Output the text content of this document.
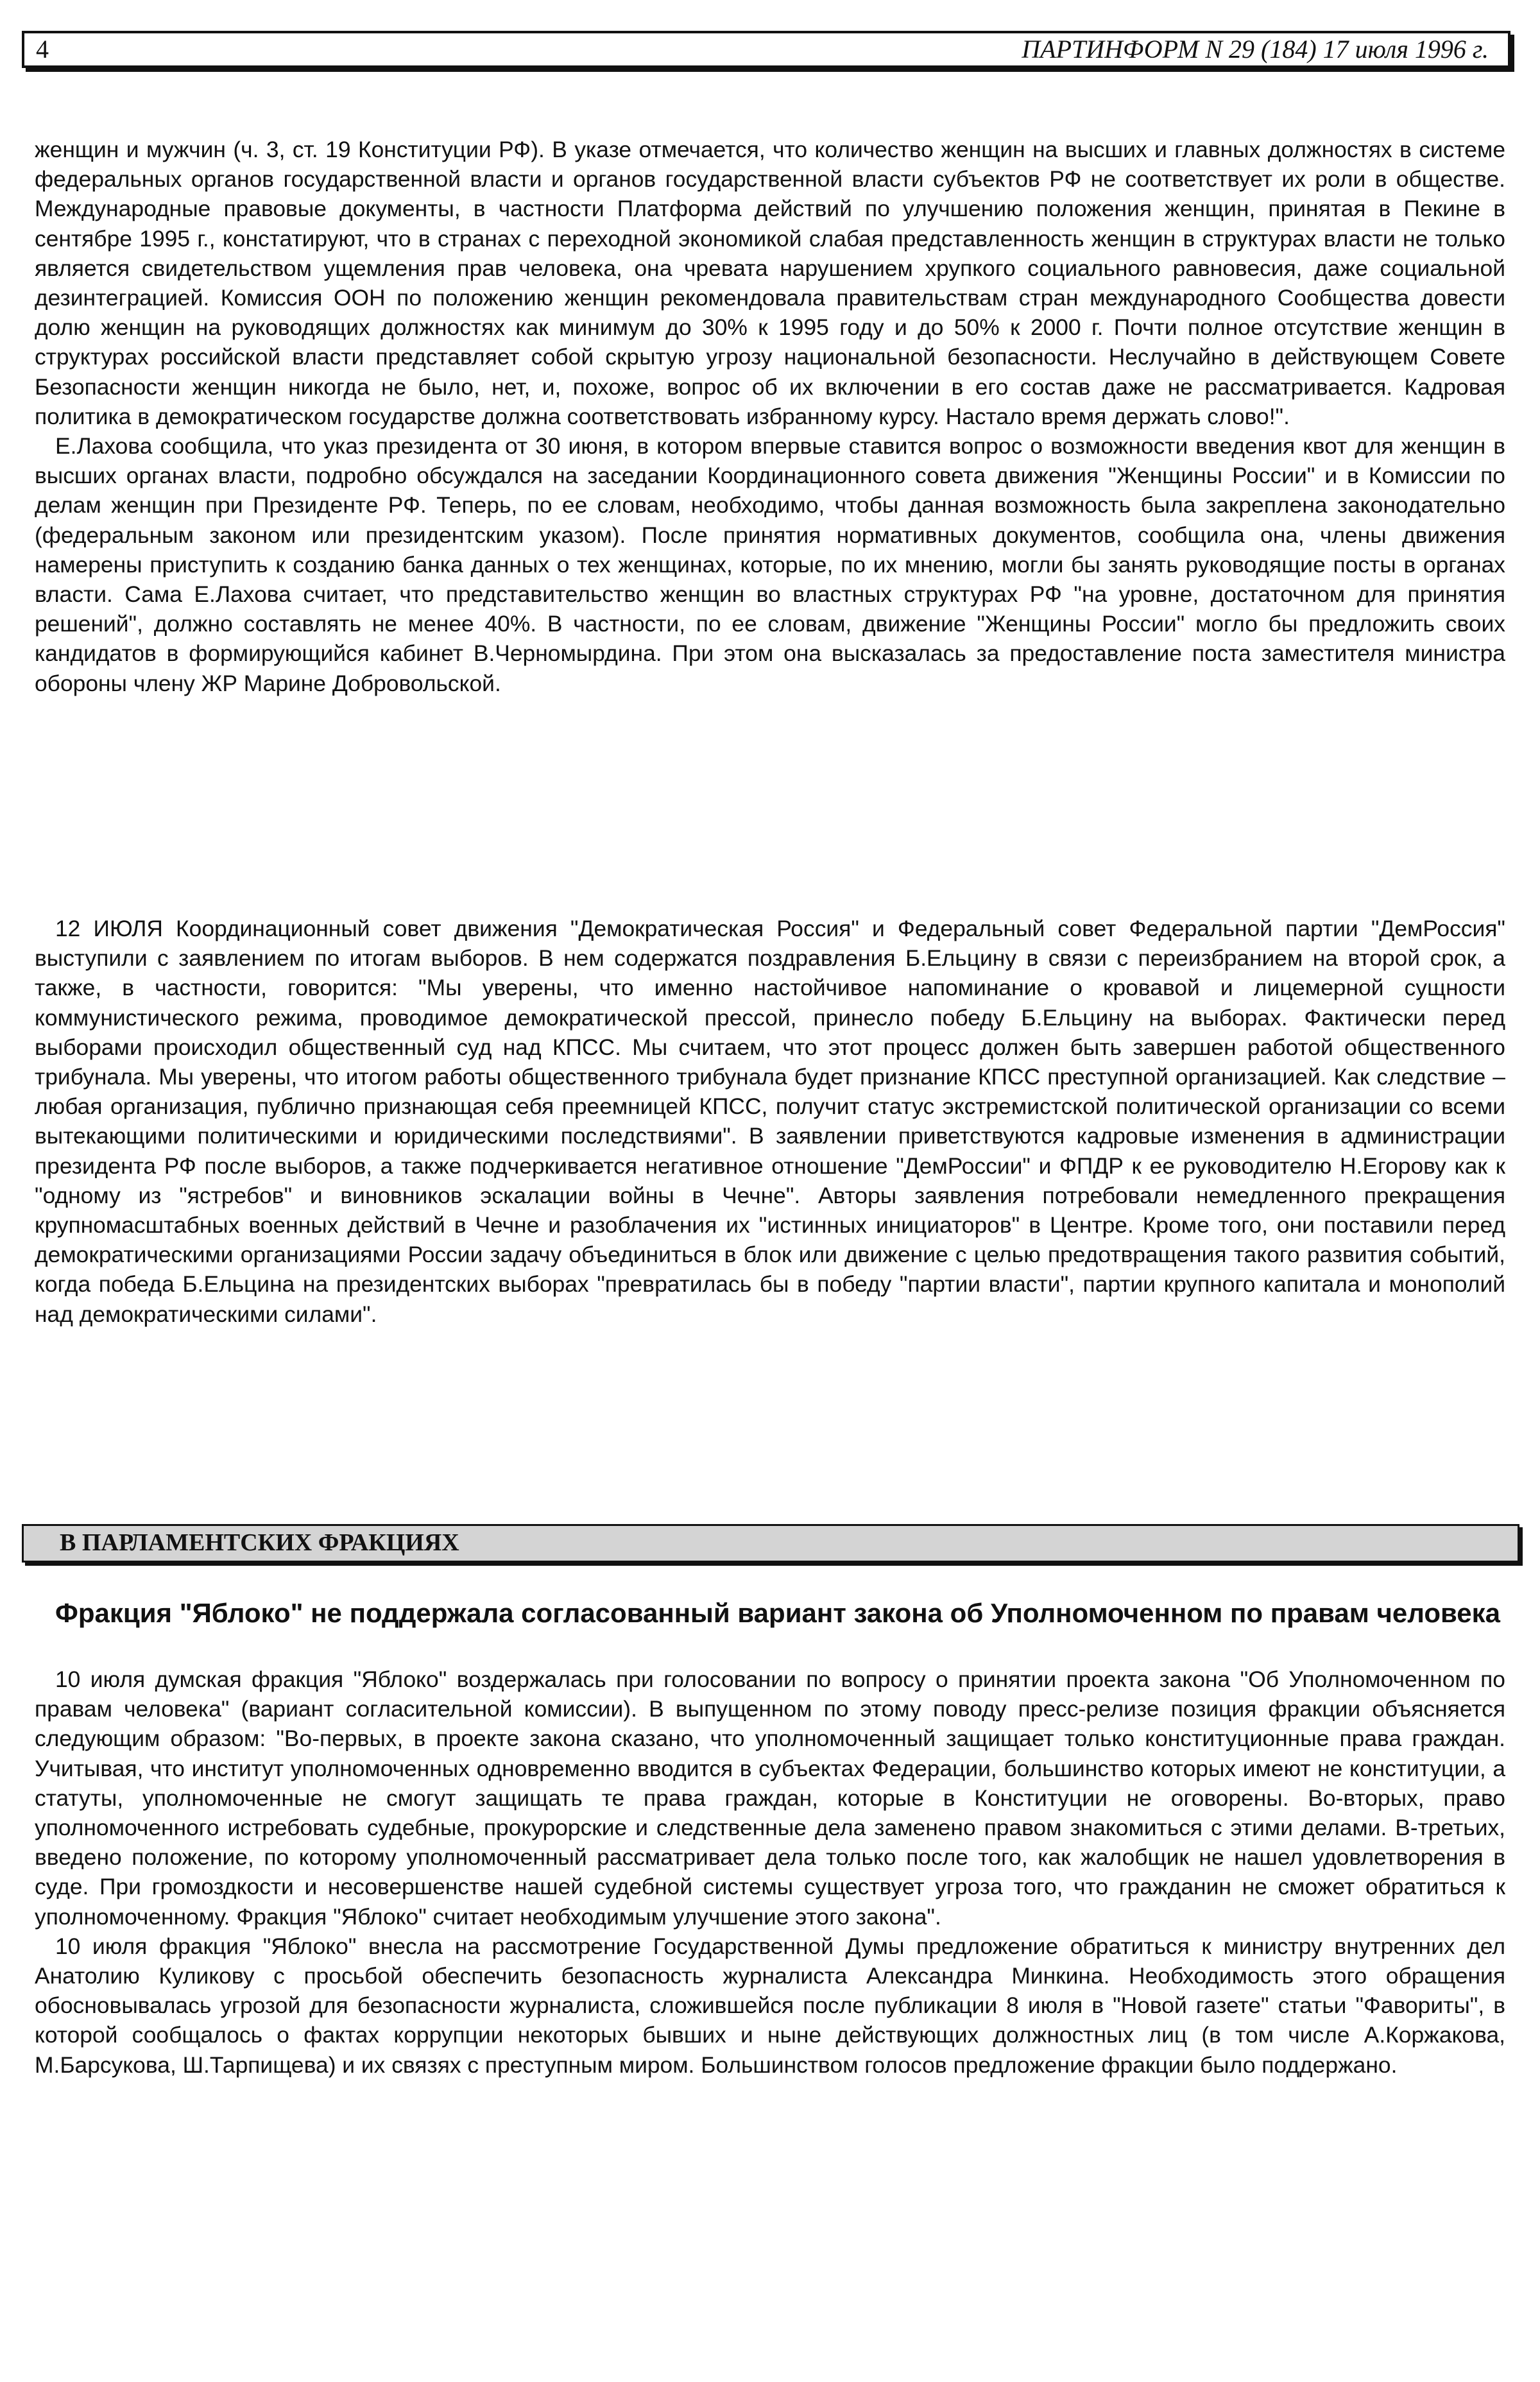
4	ПАРТИНФОРМ N 29 (184) 17 июля 1996 г.

женщин и мужчин (ч. 3, ст. 19 Конституции РФ). В указе отмечается, что количество женщин на высших и главных должностях в системе федеральных органов государственной власти и органов государственной власти субъектов РФ не соответствует их роли в обществе. Международные правовые документы, в частности Платформа действий по улучшению положения женщин, принятая в Пекине в сентябре 1995 г., констатируют, что в странах с переходной экономикой слабая представленность женщин в структурах власти не только является свидетельством ущемления прав человека, она чревата нарушением хрупкого социального равновесия, даже социальной дезинтеграцией. Комиссия ООН по положению женщин рекомендовала правительствам стран международного Сообщества довести долю женщин на руководящих должностях как минимум до 30% к 1995 году и до 50% к 2000 г. Почти полное отсутствие женщин в структурах российской власти представляет собой скрытую угрозу национальной безопасности. Неслучайно в действующем Совете Безопасности женщин никогда не было, нет, и, похоже, вопрос об их включении в его состав даже не рассматривается. Кадровая политика в демократическом государстве должна соответствовать избранному курсу. Настало время держать слово!".

Е.Лахова сообщила, что указ президента от 30 июня, в котором впервые ставится вопрос о возможности введения квот для женщин в высших органах власти, подробно обсуждался на заседании Координационного совета движения "Женщины России" и в Комиссии по делам женщин при Президенте РФ. Теперь, по ее словам, необходимо, чтобы данная возможность была закреплена законодательно (федеральным законом или президентским указом). После принятия нормативных документов, сообщила она, члены движения намерены приступить к созданию банка данных о тех женщинах, которые, по их мнению, могли бы занять руководящие посты в органах власти. Сама Е.Лахова считает, что представительство женщин во властных структурах РФ "на уровне, достаточном для принятия решений", должно составлять не менее 40%. В частности, по ее словам, движение "Женщины России" могло бы предложить своих кандидатов в формирующийся кабинет В.Черномырдина. При этом она высказалась за предоставление поста заместителя министра обороны члену ЖР Марине Добровольской.

12 ИЮЛЯ Координационный совет движения "Демократическая Россия" и Федеральный совет Федеральной партии "ДемРоссия" выступили с заявлением по итогам выборов. В нем содержатся поздравления Б.Ельцину в связи с переизбранием на второй срок, а также, в частности, говорится: "Мы уверены, что именно настойчивое напоминание о кровавой и лицемерной сущности коммунистического режима, проводимое демократической прессой, принесло победу Б.Ельцину на выборах. Фактически перед выборами происходил общественный суд над КПСС. Мы считаем, что этот процесс должен быть завершен работой общественного трибунала. Мы уверены, что итогом работы общественного трибунала будет признание КПСС преступной организацией. Как следствие – любая организация, публично признающая себя преемницей КПСС, получит статус экстремистской политической организации со всеми вытекающими политическими и юридическими последствиями". В заявлении приветствуются кадровые изменения в администрации президента РФ после выборов, а также подчеркивается негативное отношение "ДемРоссии" и ФПДР к ее руководителю Н.Егорову как к "одному из "ястребов" и виновников эскалации войны в Чечне". Авторы заявления потребовали немедленного прекращения крупномасштабных военных действий в Чечне и разоблачения их "истинных инициаторов" в Центре. Кроме того, они поставили перед демократическими организациями России задачу объединиться в блок или движение с целью предотвращения такого развития событий, когда победа Б.Ельцина на президентских выборах "превратилась бы в победу "партии власти", партии крупного капитала и монополий над демократическими силами".

В ПАРЛАМЕНТСКИХ ФРАКЦИЯХ
Фракция "Яблоко" не поддержала согласованный вариант закона об Уполномоченном по правам человека

10 июля думская фракция "Яблоко" воздержалась при голосовании по вопросу о принятии проекта закона "Об Уполномоченном по правам человека" (вариант согласительной комиссии). В выпущенном по этому поводу пресс-релизе позиция фракции объясняется следующим образом: "Во-первых, в проекте закона сказано, что уполномоченный защищает только конституционные права граждан. Учитывая, что институт уполномоченных одновременно вводится в субъектах Федерации, большинство которых имеют не конституции, а статуты, уполномоченные не смогут защищать те права граждан, которые в Конституции не оговорены. Во-вторых, право уполномоченного истребовать судебные, прокурорские и следственные дела заменено правом знакомиться с этими делами. В-третьих, введено положение, по которому уполномоченный рассматривает дела только после того, как жалобщик не нашел удовлетворения в суде. При громоздкости и несовершенстве нашей судебной системы существует угроза того, что гражданин не сможет обратиться к уполномоченному. Фракция "Яблоко" считает необходимым улучшение этого закона".

10 июля фракция "Яблоко" внесла на рассмотрение Государственной Думы предложение обратиться к министру внутренних дел Анатолию Куликову с просьбой обеспечить безопасность журналиста Александра Минкина. Необходимость этого обращения обосновывалась угрозой для безопасности журналиста, сложившейся после публикации 8 июля в "Новой газете" статьи "Фавориты", в которой сообщалось о фактах коррупции некоторых бывших и ныне действующих должностных лиц (в том числе А.Коржакова, М.Барсукова, Ш.Тарпищева) и их связях с преступным миром. Большинством голосов предложение фракции было поддержано.
